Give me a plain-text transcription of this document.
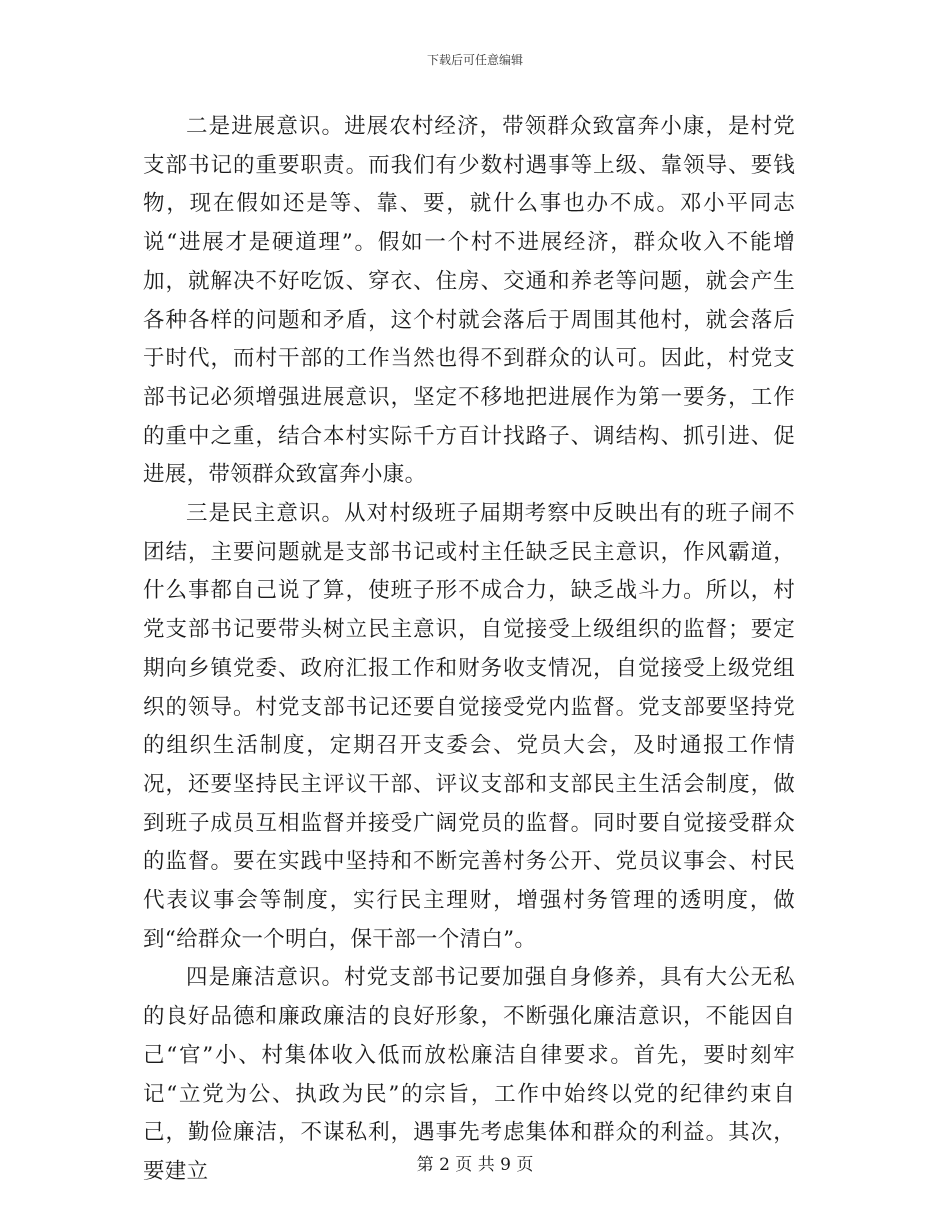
下载后可任意编辑

二是进展意识。进展农村经济，带领群众致富奔小康，是村党支部书记的重要职责。而我们有少数村遇事等上级、靠领导、要钱物，现在假如还是等、靠、要，就什么事也办不成。邓小平同志说“进展才是硬道理”。假如一个村不进展经济，群众收入不能增加，就解决不好吃饭、穿衣、住房、交通和养老等问题，就会产生各种各样的问题和矛盾，这个村就会落后于周围其他村，就会落后于时代，而村干部的工作当然也得不到群众的认可。因此，村党支部书记必须增强进展意识，坚定不移地把进展作为第一要务，工作的重中之重，结合本村实际千方百计找路子、调结构、抓引进、促进展，带领群众致富奔小康。

三是民主意识。从对村级班子届期考察中反映出有的班子闹不团结，主要问题就是支部书记或村主任缺乏民主意识，作风霸道，什么事都自己说了算，使班子形不成合力，缺乏战斗力。所以，村党支部书记要带头树立民主意识，自觉接受上级组织的监督；要定期向乡镇党委、政府汇报工作和财务收支情况，自觉接受上级党组织的领导。村党支部书记还要自觉接受党内监督。党支部要坚持党的组织生活制度，定期召开支委会、党员大会，及时通报工作情况，还要坚持民主评议干部、评议支部和支部民主生活会制度，做到班子成员互相监督并接受广阔党员的监督。同时要自觉接受群众的监督。要在实践中坚持和不断完善村务公开、党员议事会、村民代表议事会等制度，实行民主理财，增强村务管理的透明度，做到“给群众一个明白，保干部一个清白”。

四是廉洁意识。村党支部书记要加强自身修养，具有大公无私的良好品德和廉政廉洁的良好形象，不断强化廉洁意识，不能因自己“官”小、村集体收入低而放松廉洁自律要求。首先，要时刻牢记“立党为公、执政为民”的宗旨，工作中始终以党的纪律约束自己，勤俭廉洁，不谋私利，遇事先考虑集体和群众的利益。其次，要建立	第 2 页 共 9 页
